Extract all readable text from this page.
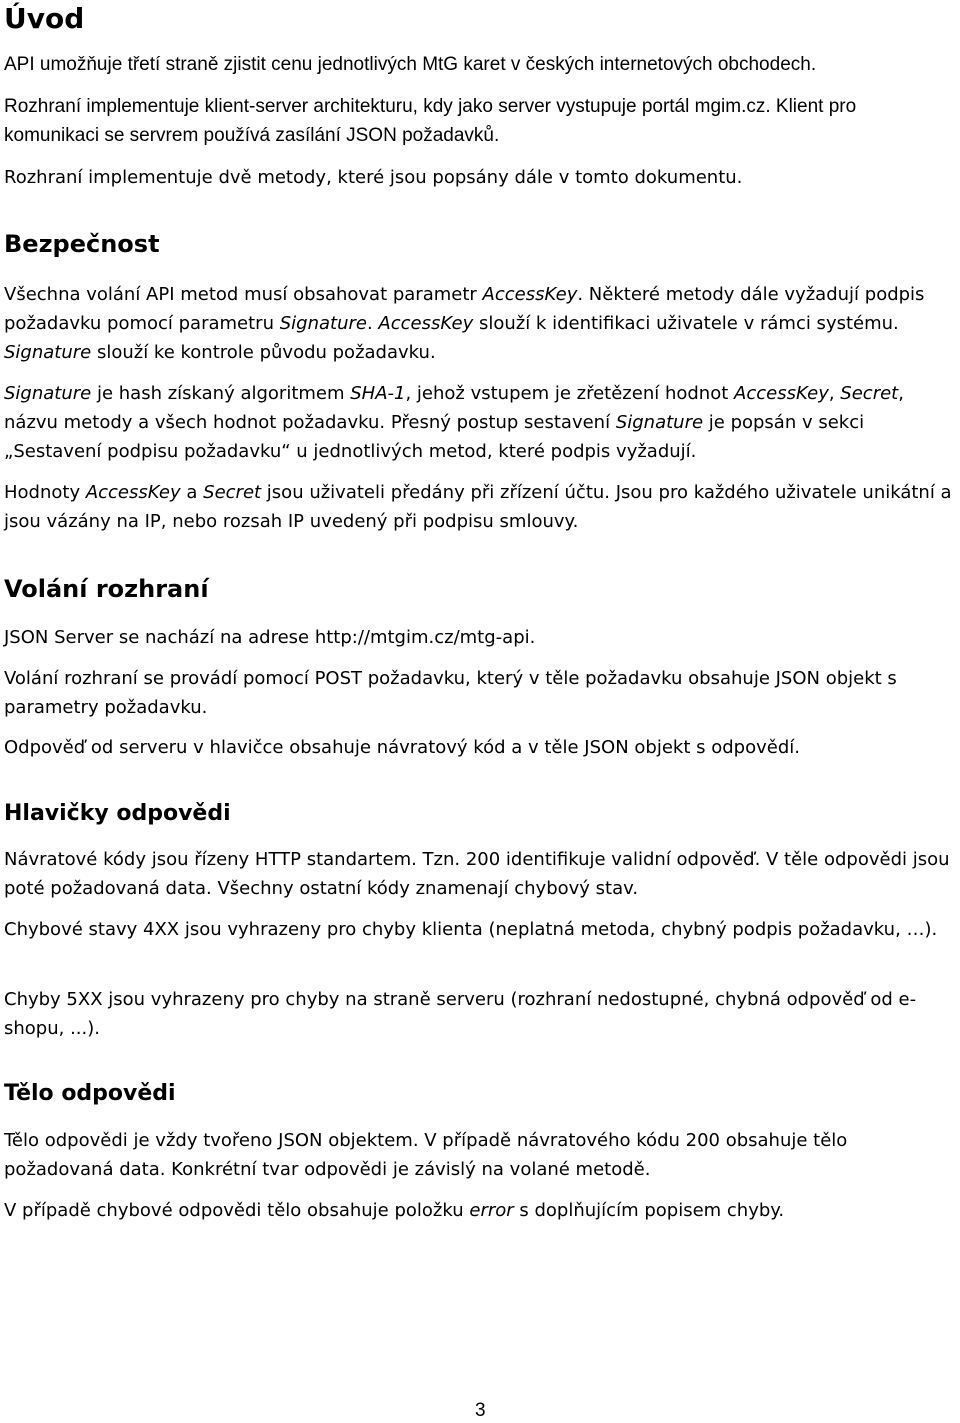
Úvod

API umožňuje třetí straně zjistit cenu jednotlivých MtG karet v českých internetových obchodech.

Rozhraní implementuje klient-server architekturu, kdy jako server vystupuje portál mgim.cz. Klient pro komunikaci se servrem používá zasílání JSON požadavků.

Rozhraní implementuje dvě metody, které jsou popsány dále v tomto dokumentu.

Bezpečnost

Všechna volání API metod musí obsahovat parametr AccessKey. Některé metody dále vyžadují podpis požadavku pomocí parametru Signature. AccessKey slouží k identifikaci uživatele v rámci systému. Signature slouží ke kontrole původu požadavku.

Signature je hash získaný algoritmem SHA-1, jehož vstupem je zřetězení hodnot AccessKey, Secret, názvu metody a všech hodnot požadavku. Přesný postup sestavení Signature je popsán v sekci „Sestavení podpisu požadavku“ u jednotlivých metod, které podpis vyžadují.

Hodnoty AccessKey a Secret jsou uživateli předány při zřízení účtu. Jsou pro každého uživatele unikátní a jsou vázány na IP, nebo rozsah IP uvedený při podpisu smlouvy.

Volání rozhraní

JSON Server se nachází na adrese http://mtgim.cz/mtg-api.

Volání rozhraní se provádí pomocí POST požadavku, který v těle požadavku obsahuje JSON objekt s parametry požadavku.

Odpověď od serveru v hlavičce obsahuje návratový kód a v těle JSON objekt s odpovědí.

Hlavičky odpovědi

Návratové kódy jsou řízeny HTTP standartem. Tzn. 200 identifikuje validní odpověď. V těle odpovědi jsou poté požadovaná data. Všechny ostatní kódy znamenají chybový stav.

Chybové stavy 4XX jsou vyhrazeny pro chyby klienta (neplatná metoda, chybný podpis požadavku, …).

Chyby 5XX jsou vyhrazeny pro chyby na straně serveru (rozhraní nedostupné, chybná odpověď od e-shopu, ...).

Tělo odpovědi

Tělo odpovědi je vždy tvořeno JSON objektem. V případě návratového kódu 200 obsahuje tělo požadovaná data. Konkrétní tvar odpovědi je závislý na volané metodě.

V případě chybové odpovědi tělo obsahuje položku error s doplňujícím popisem chyby.

3
